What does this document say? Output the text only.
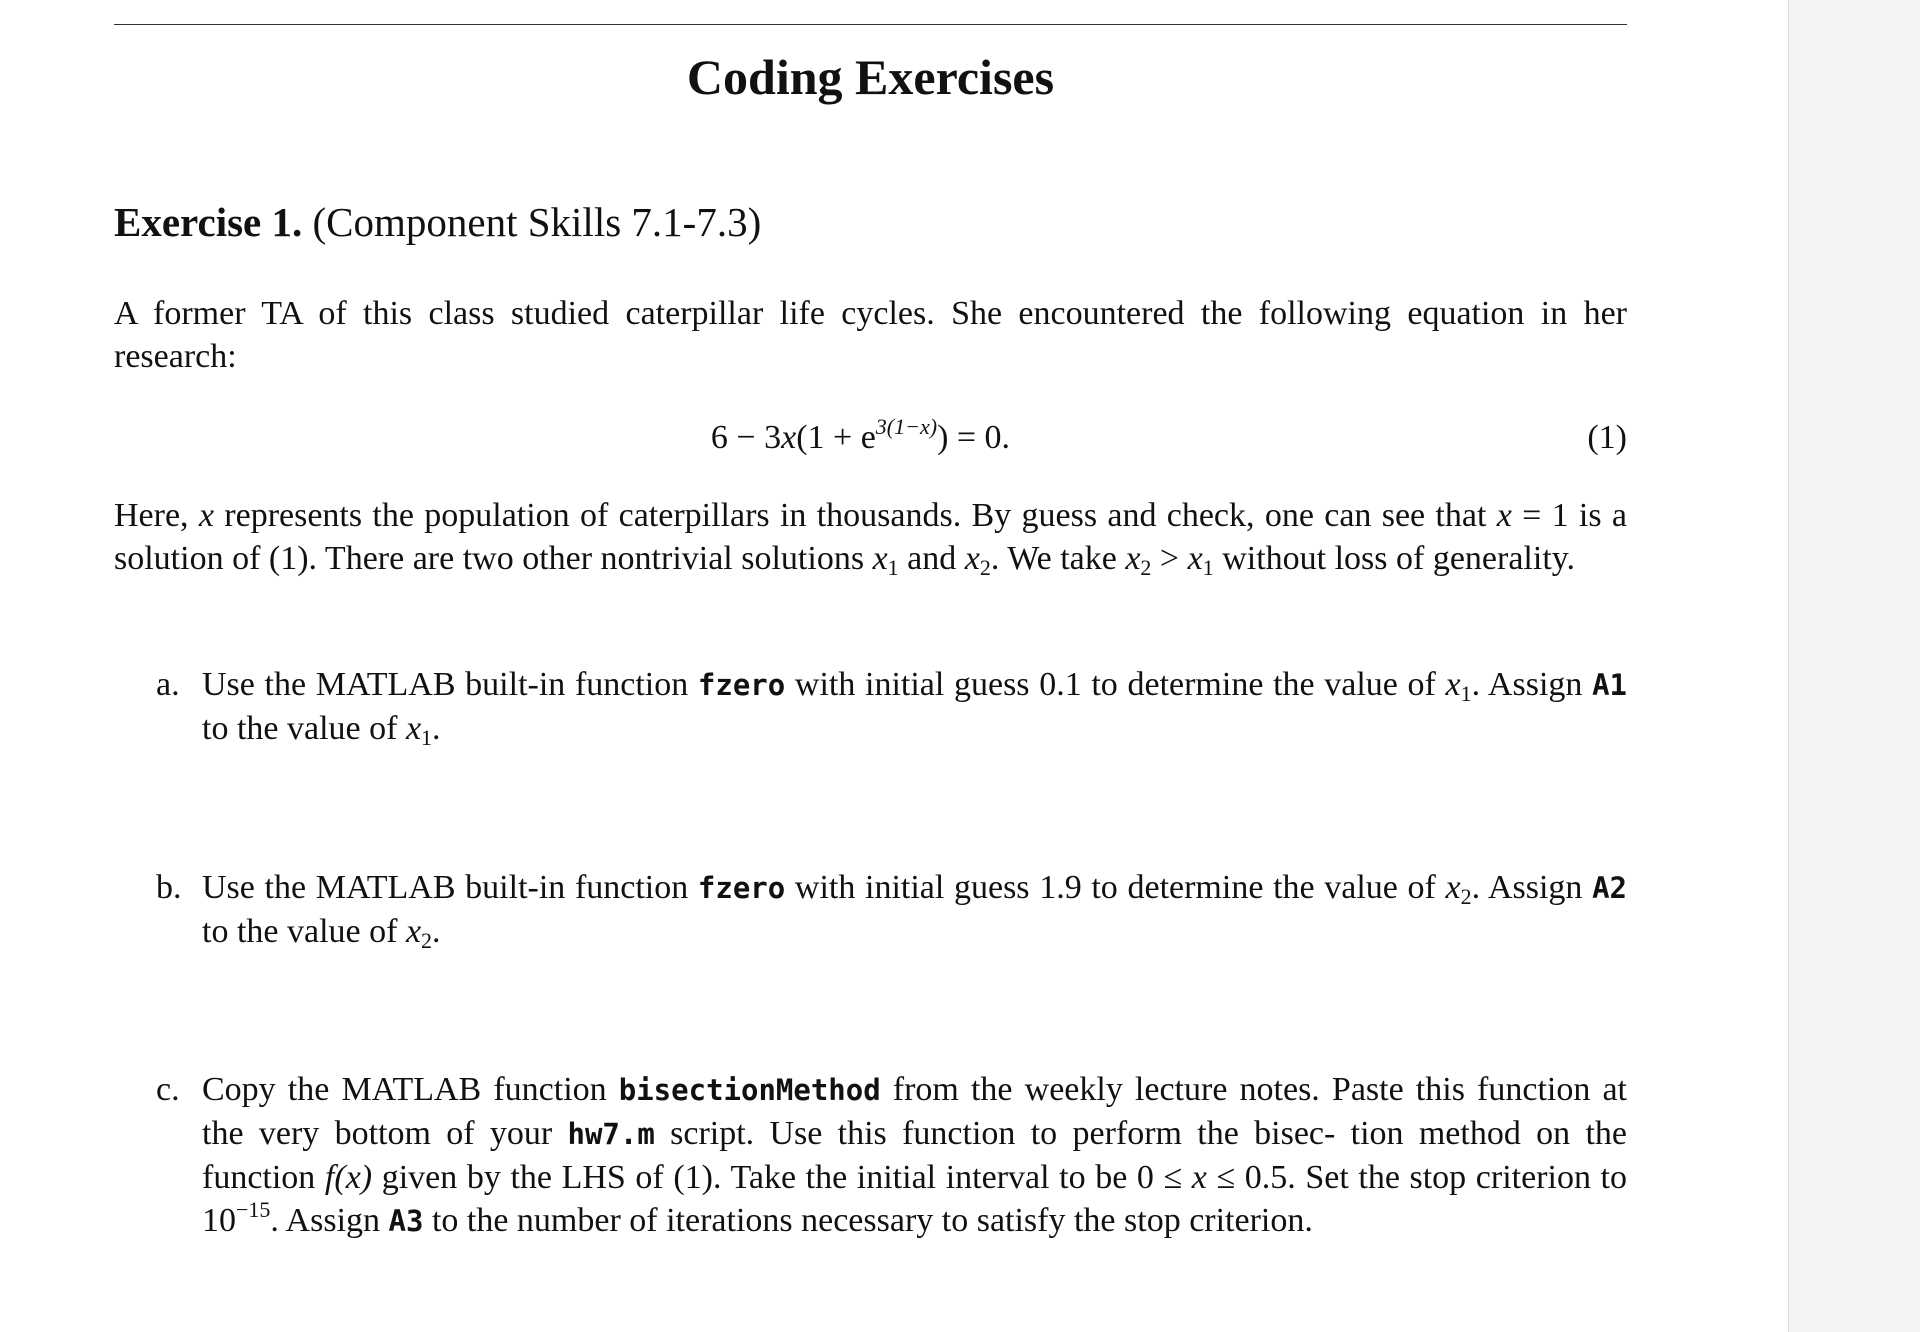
Coding Exercises
Exercise 1. (Component Skills 7.1-7.3)

A former TA of this class studied caterpillar life cycles. She encountered the following equation in her research:

$6 - 3x(1 + e^{3(1-x)}) = 0$.	(1)

Here, x represents the population of caterpillars in thousands. By guess and check, one can see that x = 1 is a solution of (1). There are two other nontrivial solutions $x_1$ and $x_2$. We take $x_2 > x_1$ without loss of generality.

a. Use the MATLAB built-in function fzero with initial guess 0.1 to determine the value of $x_1$. Assign A1 to the value of $x_1$.

b. Use the MATLAB built-in function fzero with initial guess 1.9 to determine the value of $x_2$. Assign A2 to the value of $x_2$.

c. Copy the MATLAB function bisectionMethod from the weekly lecture notes. Paste this function at the very bottom of your hw7.m script. Use this function to perform the bisec- tion method on the function f(x) given by the LHS of (1). Take the initial interval to be 0 ≤ x ≤ 0.5. Set the stop criterion to $10^{-15}$. Assign A3 to the number of iterations necessary to satisfy the stop criterion.
